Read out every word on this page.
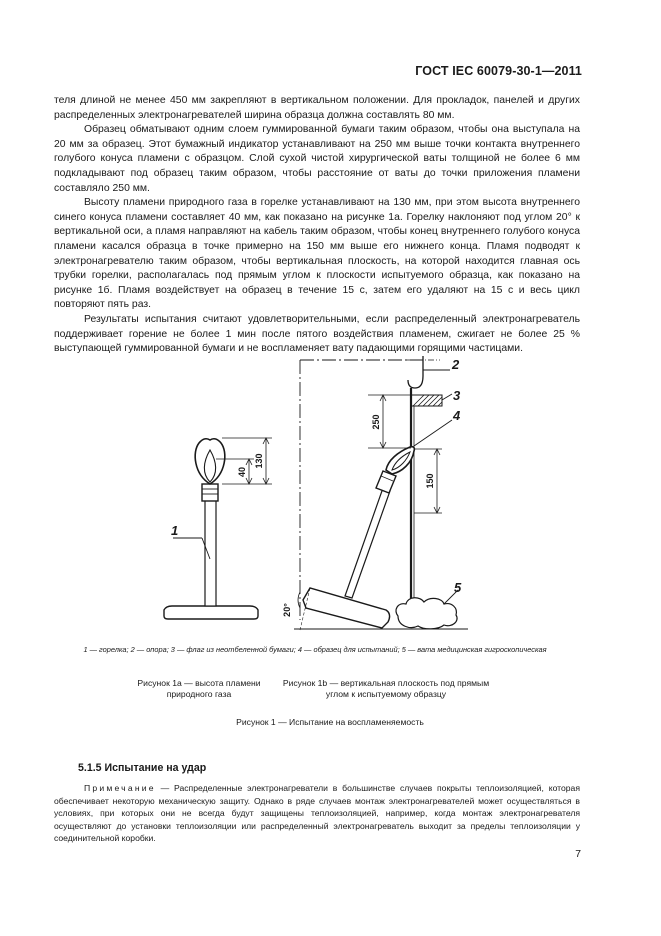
ГОСТ IEC 60079-30-1—2011

теля длиной не менее 450 мм закрепляют в вертикальном положении. Для прокладок, панелей и других распределенных электронагревателей ширина образца должна составлять 80 мм.

Образец обматывают одним слоем гуммированной бумаги таким образом, чтобы она выступала на 20 мм за образец. Этот бумажный индикатор устанавливают на 250 мм выше точки контакта внутреннего голубого конуса пламени с образцом. Слой сухой чистой хирургической ваты толщиной не более 6 мм подкладывают под образец таким образом, чтобы расстояние от ваты до точки приложения пламени составляло 250 мм.

Высоту пламени природного газа в горелке устанавливают на 130 мм, при этом высота внутреннего синего конуса пламени составляет 40 мм, как показано на рисунке 1а. Горелку наклоняют под углом 20° к вертикальной оси, а пламя направляют на кабель таким образом, чтобы конец внутреннего голубого конуса пламени касался образца в точке примерно на 150 мм выше его нижнего конца. Пламя подводят к электронагревателю таким образом, чтобы вертикальная плоскость, на которой находится главная ось трубки горелки, располагалась под прямым углом к плоскости испытуемого образца, как показано на рисунке 1б. Пламя воздействует на образец в течение 15 с, затем его удаляют на 15 с и весь цикл повторяют пять раз.

Результаты испытания считают удовлетворительными, если распределенный электронагреватель поддерживает горение не более 1 мин после пятого воздействия пламенем, сжигает не более 25 % выступающей гуммированной бумаги и не воспламеняет вату падающими горящими частицами.

130
40
250
150
20°
1
2
3
4
5
1 — горелка; 2 — опора; 3 — флаг из неотбеленной бумаги; 4 — образец для испытаний; 5 — вата медицинская гигроскопическая
Рисунок 1a — высота пламени природного газа
Рисунок 1b — вертикальная плоскость под прямым углом к испытуемому образцу
Рисунок 1 — Испытание на воспламеняемость
5.1.5 Испытание на удар
Примечание — Распределенные электронагреватели в большинстве случаев покрыты теплоизоляцией, которая обеспечивает некоторую механическую защиту. Однако в ряде случаев монтаж электронагревателей может осуществляться в условиях, при которых они не всегда будут защищены теплоизоляцией, например, когда монтаж электронагревателя осуществляют до установки теплоизоляции или распределенный электронагреватель выходит за пределы теплоизоляции у соединительной коробки.
7
